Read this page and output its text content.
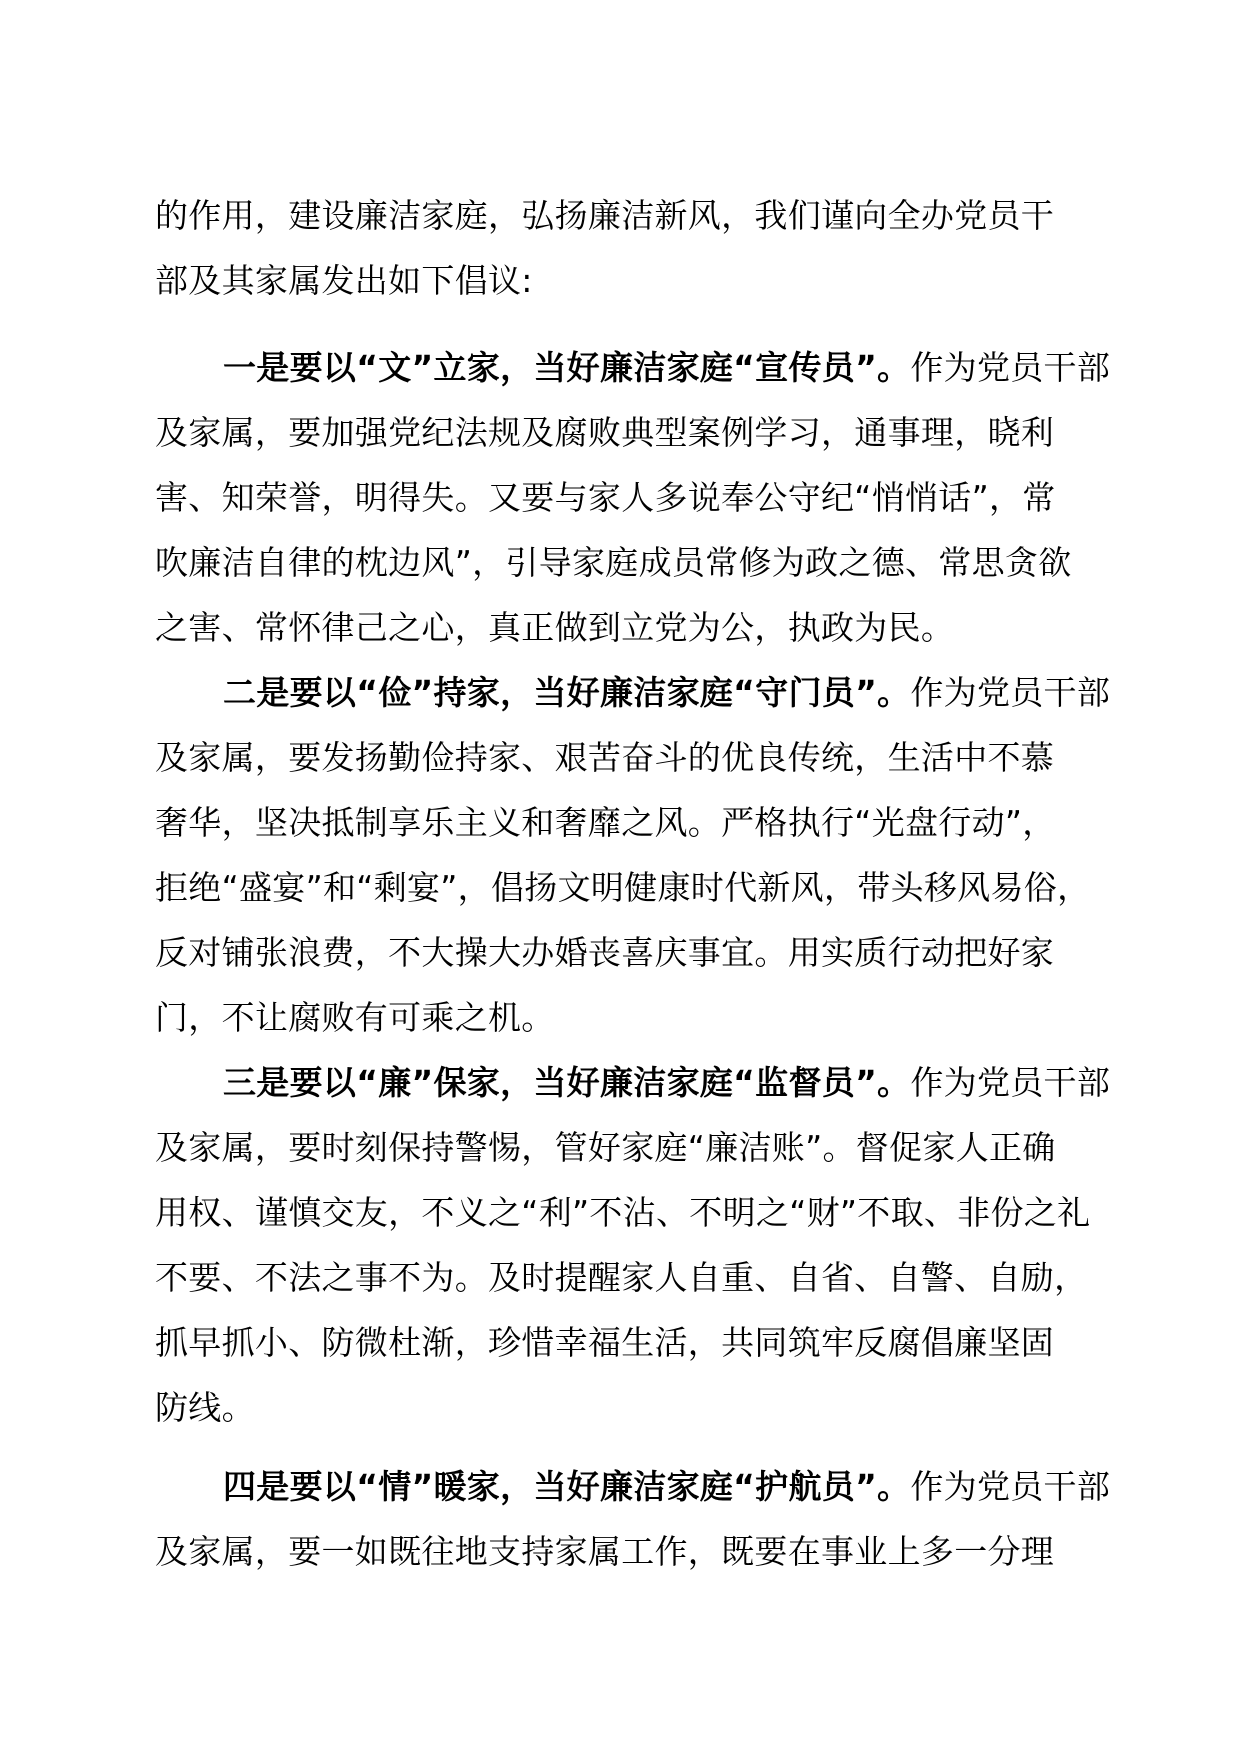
的作用，建设廉洁家庭，弘扬廉洁新风，我们谨向全办党员干
部及其家属发出如下倡议:

一是要以“文”立家，当好廉洁家庭“宣传员”。作为党员干部
及家属，要加强党纪法规及腐败典型案例学习，通事理，晓利
害、知荣誉，明得失。又要与家人多说奉公守纪“悄悄话”，常
吹廉洁自律的枕边风”，引导家庭成员常修为政之德、常思贪欲
之害、常怀律己之心，真正做到立党为公，执政为民。

二是要以“俭”持家，当好廉洁家庭“守门员”。作为党员干部
及家属，要发扬勤俭持家、艰苦奋斗的优良传统，生活中不慕
奢华，坚决抵制享乐主义和奢靡之风。严格执行“光盘行动”，
拒绝“盛宴”和“剩宴”，倡扬文明健康时代新风，带头移风易俗，
反对铺张浪费，不大操大办婚丧喜庆事宜。用实质行动把好家
门，不让腐败有可乘之机。

三是要以“廉”保家，当好廉洁家庭“监督员”。作为党员干部
及家属，要时刻保持警惕，管好家庭“廉洁账”。督促家人正确
用权、谨慎交友，不义之“利”不沾、不明之“财”不取、非份之礼
不要、不法之事不为。及时提醒家人自重、自省、自警、自励，
抓早抓小、防微杜渐，珍惜幸福生活，共同筑牢反腐倡廉坚固
防线。

四是要以“情”暖家，当好廉洁家庭“护航员”。作为党员干部
及家属，要一如既往地支持家属工作，既要在事业上多一分理
